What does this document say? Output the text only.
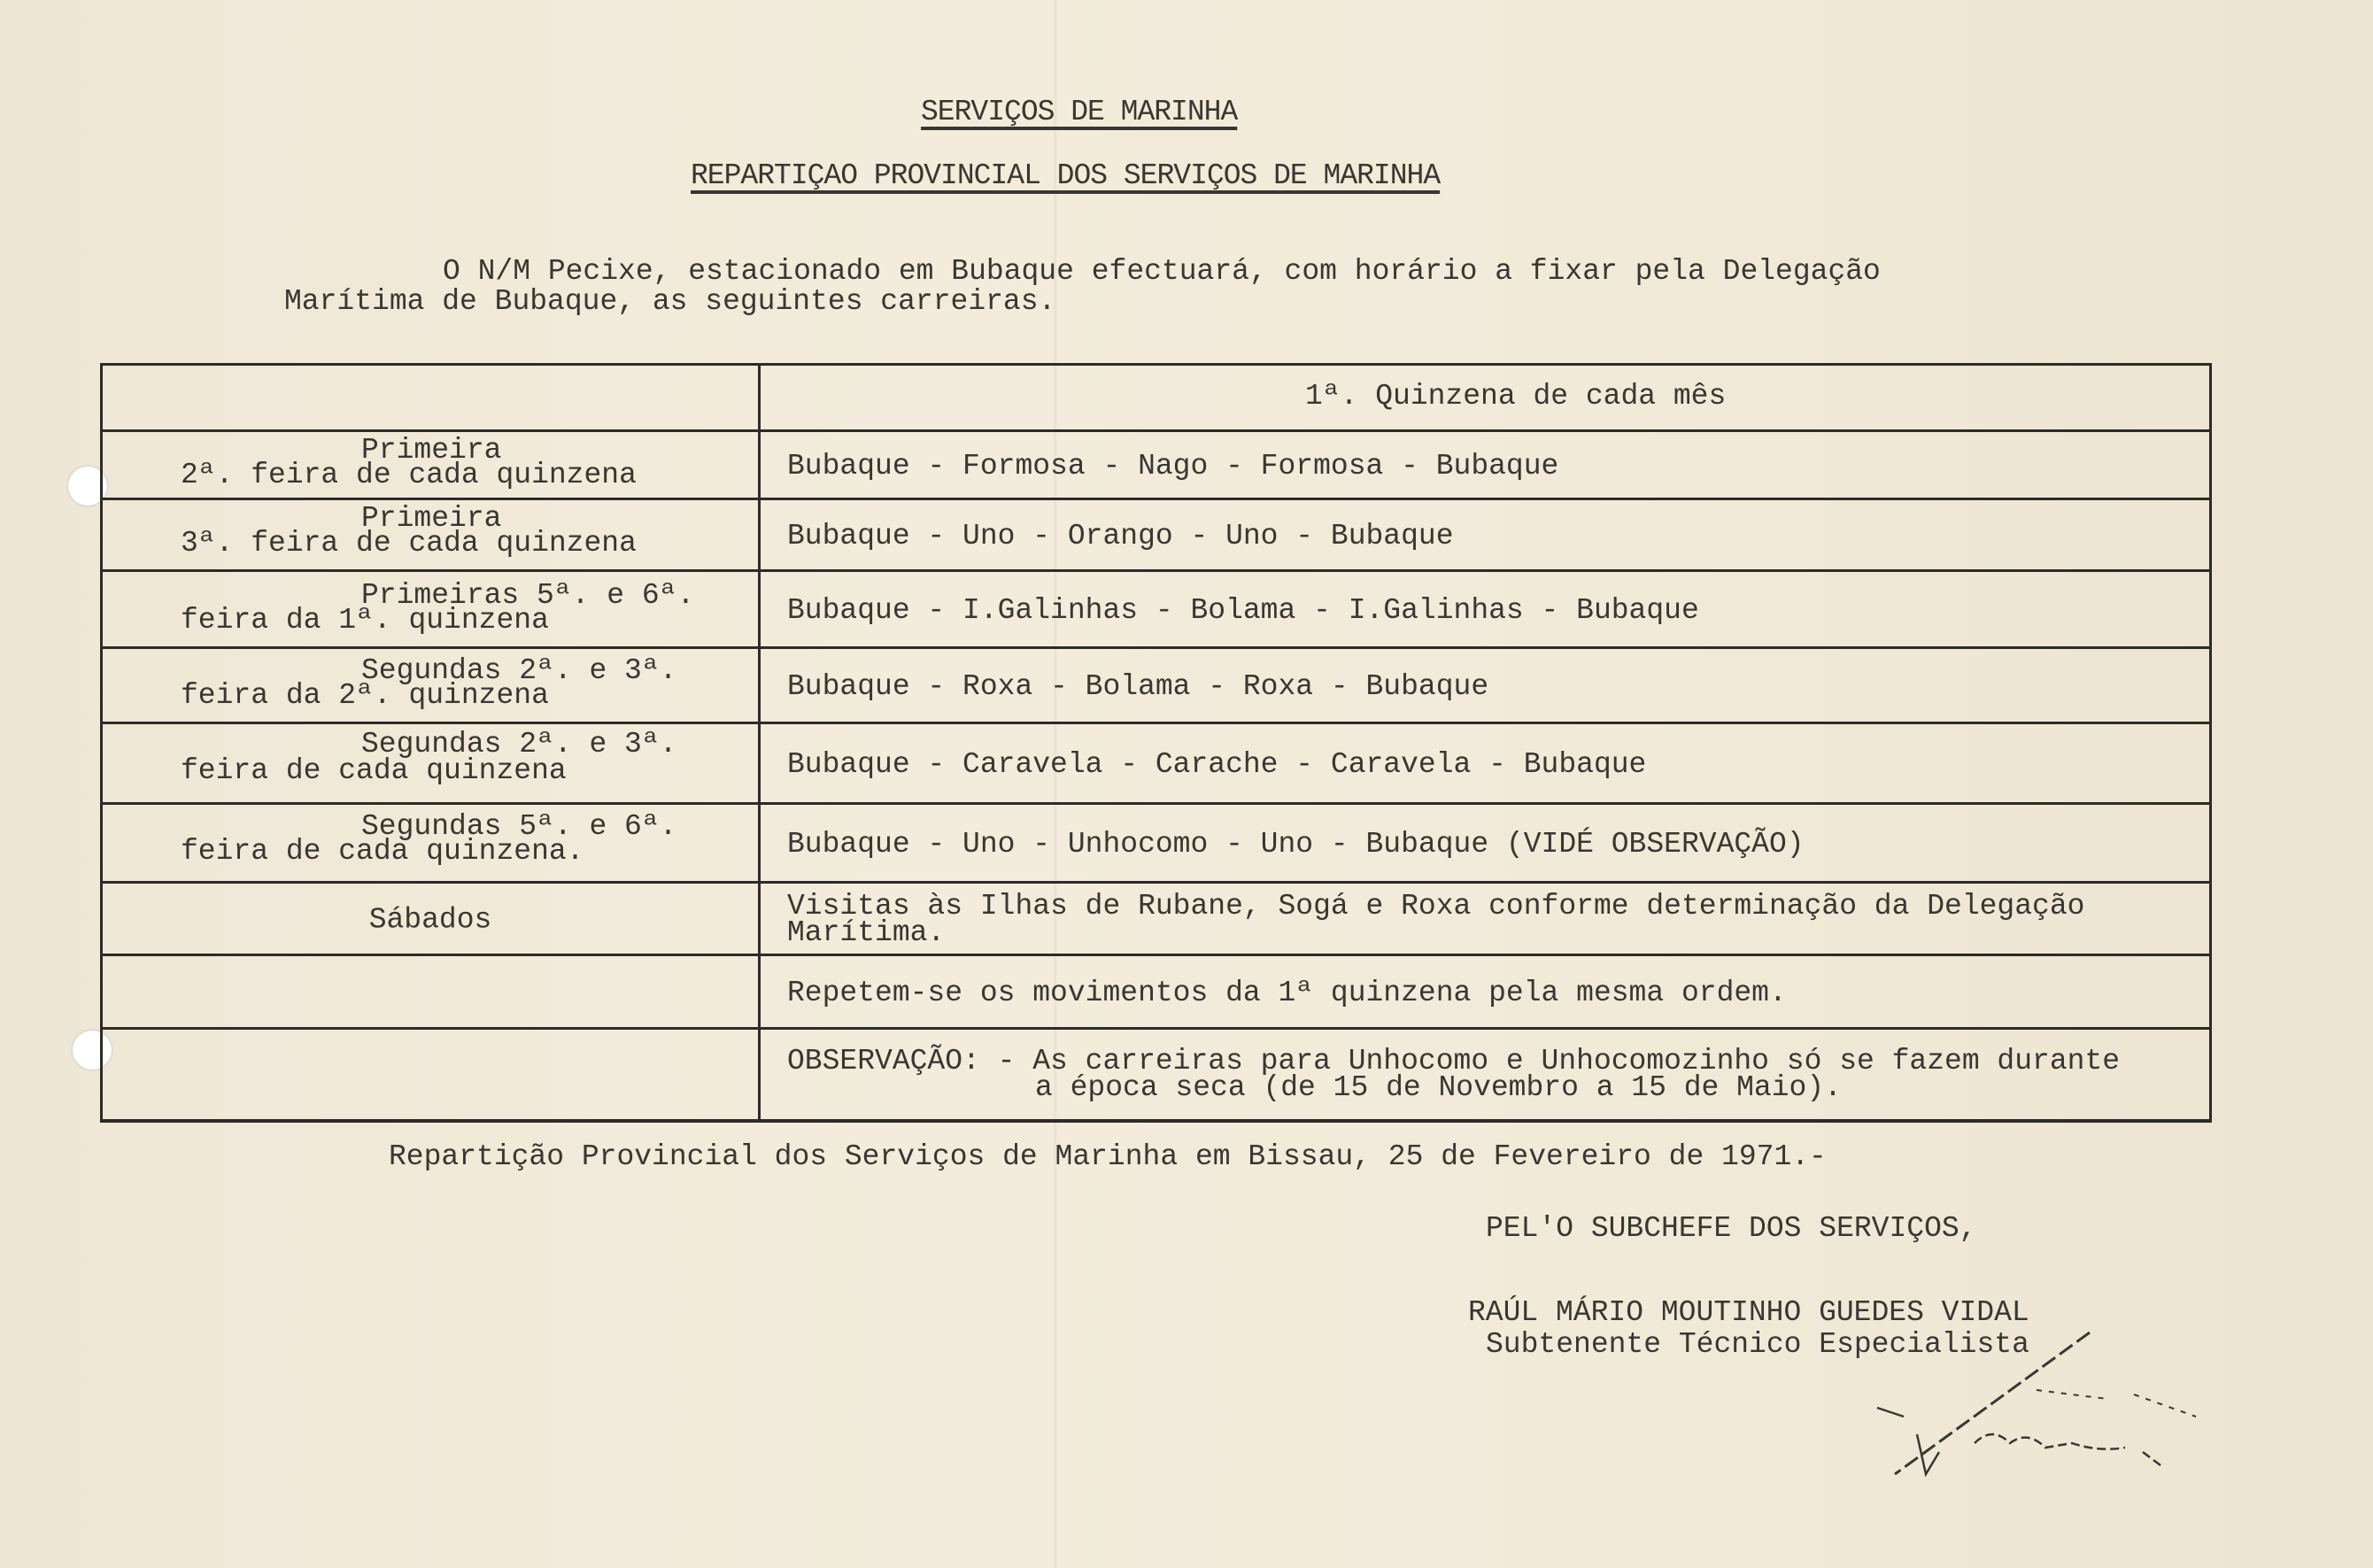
SERVIÇOS DE MARINHA
REPARTIÇAO PROVINCIAL DOS SERVIÇOS DE MARINHA
O N/M Pecixe, estacionado em Bubaque efectuará, com horário a fixar pela Delegação
Marítima de Bubaque, as seguintes carreiras.
1ª. Quinzena de cada mês
Primeira
2ª. feira de cada quinzena	Bubaque - Formosa - Nago - Formosa - Bubaque
Primeira
3ª. feira de cada quinzena	Bubaque - Uno - Orango - Uno - Bubaque
Primeiras 5ª. e 6ª.
feira da 1ª. quinzena	Bubaque - I.Galinhas - Bolama - I.Galinhas - Bubaque
Segundas 2ª. e 3ª.
feira da 2ª. quinzena	Bubaque - Roxa - Bolama - Roxa - Bubaque
Segundas 2ª. e 3ª.
feira de cada quinzena	Bubaque - Caravela - Carache - Caravela - Bubaque
Segundas 5ª. e 6ª.
feira de cada quinzena.	Bubaque - Uno - Unhocomo - Uno - Bubaque (VIDÉ OBSERVAÇÃO)
Sábados	Visitas às Ilhas de Rubane, Sogá e Roxa conforme determinação da Delegação
Marítima.
Repetem-se os movimentos da 1ª quinzena pela mesma ordem.
OBSERVAÇÃO: - As carreiras para Unhocomo e Unhocomozinho só se fazem durante
a época seca (de 15 de Novembro a 15 de Maio).
Repartição Provincial dos Serviços de Marinha em Bissau, 25 de Fevereiro de 1971.-
PEL'O SUBCHEFE DOS SERVIÇOS,
RAÚL MÁRIO MOUTINHO GUEDES VIDAL
Subtenente Técnico Especialista
